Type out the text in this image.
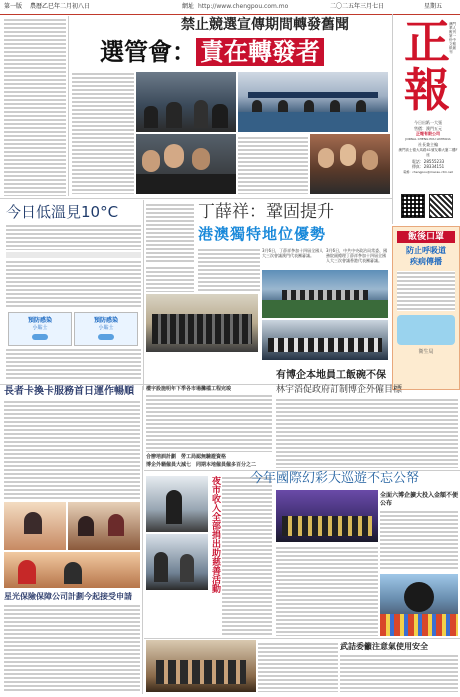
第一版 農曆乙巳年二月初八日	網址 http://www.chengpou.com.mo	二〇二五年三月七日	星期五
正
報
澳門華人報刊第一份中文報紙創刊
今日出紙一大張
售價：澳門五元
正報有限公司
JORNAL CHENG POU LIMITADA
社長兼主編
澳門高士德大馬路41號友聯大廈二樓F座
電話：28555233
傳真：28334151
電郵：chengpou@macau.ctm.net
禁止競選宣傳期間轉發舊聞
選管會： 責在轉發者
今日低溫見10°C
預防感染
小貼士
預防感染
小貼士
丁薛祥：鞏固提升
港澳獨特地位優勢
3月6日，丁薛祥參加十四屆全國人大三次會議澳門代表團審議。
3月6日，中共中央政治局常委、國務院副總理丁薛祥參加十四屆全國人大三次會議香港代表團審議。
飯後口罩
防止呼吸道
疾病傳播
衛生局
長者卡換卡服務首日運作暢順
星光保險保障公司計劃今起接受申請
樓宇設施明年下季各市場攤檔工程完竣
合辦培訓計劃　勞工局認無驗證資格
博企外籍僱員大減七　同期本地僱員僱多百分之二
有博企本地員工飯碗不保
林宇滔促政府訂制博企外僱目標
夜市收入全部捐出助慈善活動 今年國際幻彩大巡遊不忘公帑
全面六博企擴大投入金額不便公布
武詰委籲注意氣使用安全
